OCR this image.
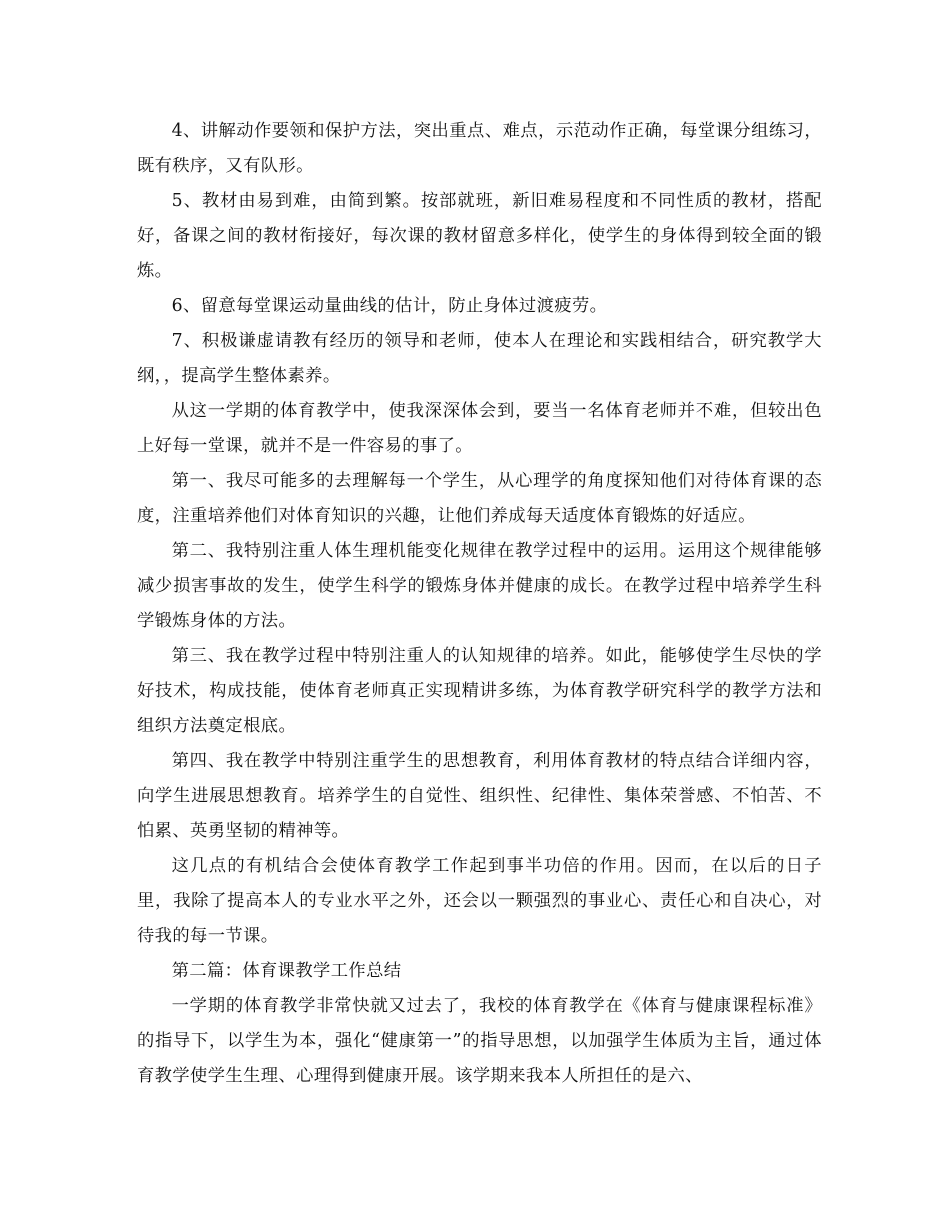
4、讲解动作要领和保护方法，突出重点、难点，示范动作正确，每堂课分组练习，既有秩序，又有队形。

5、教材由易到难，由简到繁。按部就班，新旧难易程度和不同性质的教材，搭配好，备课之间的教材衔接好，每次课的教材留意多样化，使学生的身体得到较全面的锻炼。

6、留意每堂课运动量曲线的估计，防止身体过渡疲劳。

7、积极谦虚请教有经历的领导和老师，使本人在理论和实践相结合，研究教学大纲，，提高学生整体素养。

从这一学期的体育教学中，使我深深体会到，要当一名体育老师并不难，但较出色上好每一堂课，就并不是一件容易的事了。

第一、我尽可能多的去理解每一个学生，从心理学的角度探知他们对待体育课的态度，注重培养他们对体育知识的兴趣，让他们养成每天适度体育锻炼的好适应。

第二、我特别注重人体生理机能变化规律在教学过程中的运用。运用这个规律能够减少损害事故的发生，使学生科学的锻炼身体并健康的成长。在教学过程中培养学生科学锻炼身体的方法。

第三、我在教学过程中特别注重人的认知规律的培养。如此，能够使学生尽快的学好技术，构成技能，使体育老师真正实现精讲多练，为体育教学研究科学的教学方法和组织方法奠定根底。

第四、我在教学中特别注重学生的思想教育，利用体育教材的特点结合详细内容，向学生进展思想教育。培养学生的自觉性、组织性、纪律性、集体荣誉感、不怕苦、不怕累、英勇坚韧的精神等。

这几点的有机结合会使体育教学工作起到事半功倍的作用。因而，在以后的日子里，我除了提高本人的专业水平之外，还会以一颗强烈的事业心、责任心和自决心，对待我的每一节课。

第二篇：体育课教学工作总结

一学期的体育教学非常快就又过去了，我校的体育教学在《体育与健康课程标准》的指导下，以学生为本，强化“健康第一”的指导思想，以加强学生体质为主旨，通过体育教学使学生生理、心理得到健康开展。该学期来我本人所担任的是六、
